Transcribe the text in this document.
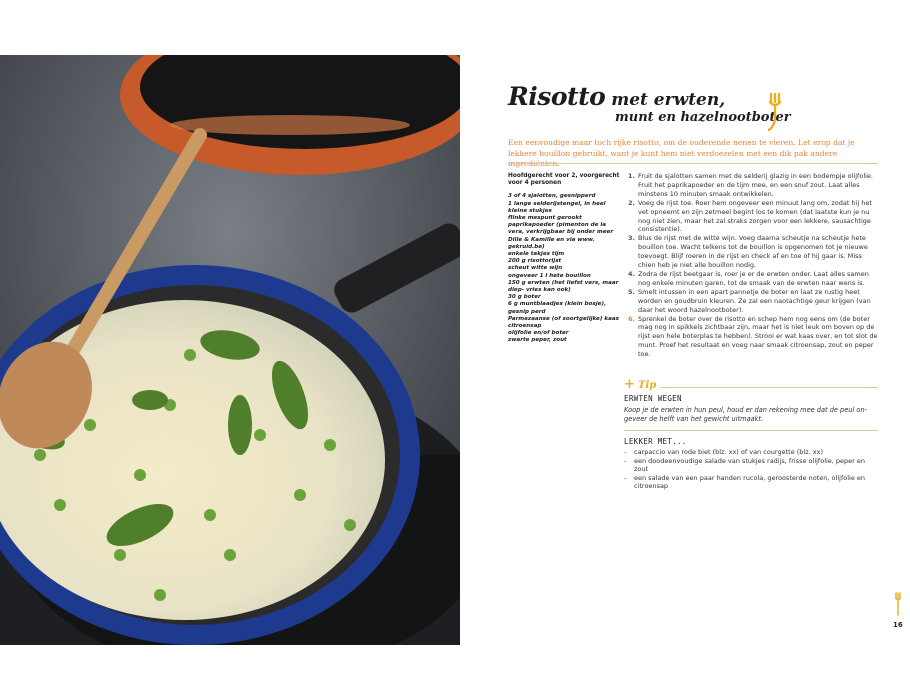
Risotto met erwten,
munt en hazelnootboter
Een eenvoudige maar toch rijke risotto, om de ouderende nenen te vieren. Let erop dat je lekkere bouillon gebruikt, want je kunt hem niet verdoezelen met een dik pak andere
Hoofdgerecht voor 2, voorgerecht voor 4 personen
3 of 4 sjalotten, gesnipperd
1 lange selderijstengel, in heel kleine stukjes
flinke mespunt gerookt paprikapoeder (pimenton de la vera, verkrijgbaar bij onder meer Dille & Kamille en via www. gekruid.be)
enkele takjes tijm
200 g risottorijst
scheut witte wijn
ongeveer 1 l hete bouillon
150 g erwten (het liefst vers, maar diep- vries kan ook)
30 g boter
6 g muntblaadjes (klein bosje), gesnip perd
Parmezaanse (of soortgelijke) kaas
citroensap
olijfolie en/of boter
zwarte peper, zout
1. Fruit de sjalotten samen met de selderij glazig in een bodempje olijfolie. Fruit het paprikapoeder en de tijm mee, en een snuf zout. Laat alles minstens 10 minuten smaak ontwikkelen.
2. Voeg de rijst toe. Roer hem ongeveer een minuut lang om, zodat hij het vet opneemt en zijn zetmeel begint los te komen (dat laatste kun je nu nog niet zien, maar het zal straks zorgen voor een lekkere, sausachtige consistentie).
3. Blus de rijst met de witte wijn. Voeg daarna scheutje na scheutje hete bouillon toe. Wacht telkens tot de bouillon is opgenomen tot je nieuwe toevoegt. Blijf roeren in de rijst en check af en toe of hij gaar is. Miss chien heb je niet alle bouillon nodig.
4. Zodra de rijst beetgaar is, roer je er de erwten onder. Laat alles samen nog enkele minuten garen, tot de smaak van de erwten naar wens is.
5. Smelt intussen in een apart pannetje de boter en laat ze rustig heet worden en goudbruin kleuren. Ze zal een naotachtige geur krijgen (van daar het woord hazelnootboter).
6. Sprenkel de boter over de risotto en schep hem nog eens om (de boter mag nog in spikkels zichtbaar zijn, maar het is niet leuk om boven op de rijst een hele boterplas te hebben). Strooi er wat kaas over, en tot slot de munt. Proef het resultaat en voeg naar smaak citroensap, zout en peper toe.
+ Tip
ERWTEN WEGEN
Koop je de erwten in hun peul, houd er dan rekening mee dat de peul on- geveer de helft van het gewicht uitmaakt.
LEKKER MET...
- carpaccio van rode biet (blz. xx) of van courgette (blz. xx)
- een doodeenvoudige salade van stukjes radijs, frisse olijfolie, peper en zout
- een salade van een paar handen rucola, geroosterde noten, olijfolie en citroensap
16
